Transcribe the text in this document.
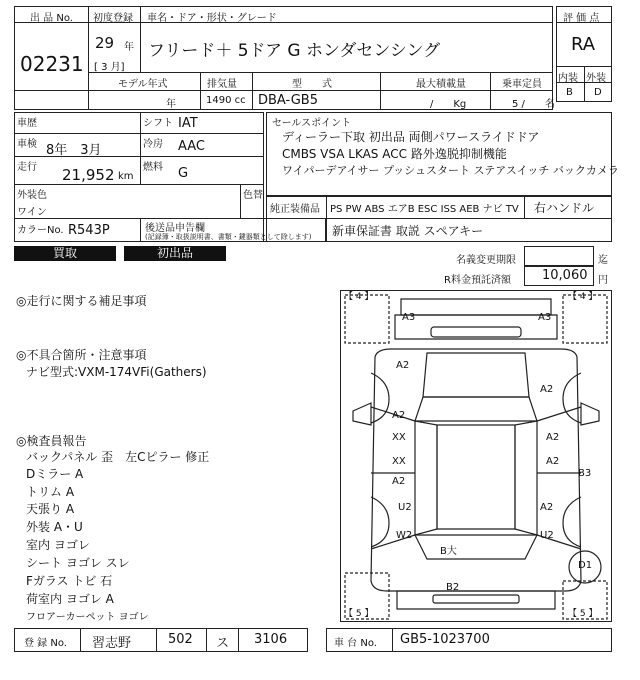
出 品 No.
02231
初度登録
29 年
[ 3 月]
車名・ドア・形状・グレード
フリード＋ 5ドア G ホンダセンシング
モデル年式
年
排気量
1490 cc
型　　式
DBA-GB5
最大積載量
/　　Kg
乗車定員
5 /　　名
評 価 点
RA
内装 外装
B D
車歴	シフト IAT
車検 8年　3月	冷房 AAC
走行 21,952 km
燃料 G
外装色
ワイン
色替
カラーNo. R543P	後送品申告欄
(記録簿・取扱説明書、書類・鍵器類として除します)
セールスポイント
ディーラー下取 初出品 両側パワースライドドア
CMBS VSA LKAS ACC 路外逸脱抑制機能
ワイパーデアイサー プッシュスタート ステアスイッチ バックカメラ
純正装備品 PS PW ABS エアB ESC ISS AEB ナビ TV 右ハンドル
新車保証書 取説 スペアキー
買取	初出品
名義変更期限	迄
R料金預託済額 10,060 円
◎走行に関する補足事項
◎不具合箇所・注意事項
ナビ型式:VXM-174VFi(Gathers)
◎検査員報告
バックパネル 歪　左Cピラー 修正
Dミラー A
トリム A
天張り A
外装 A・U
室内 ヨゴレ
シート ヨゴレ スレ
Fガラス トビ 石
荷室内 ヨゴレ A
フロアーカーペット ヨゴレ
【 4 】	【 4 】
【 5 】	【 5 】
A3	A3
A2
A2
A2
XX	A2
XX	A2
A2
A2
B3
U2
W2	U2
B大
D1
B2
登 録 No. 習志野	502 ス 3106	車 台 No. GB5-1023700
